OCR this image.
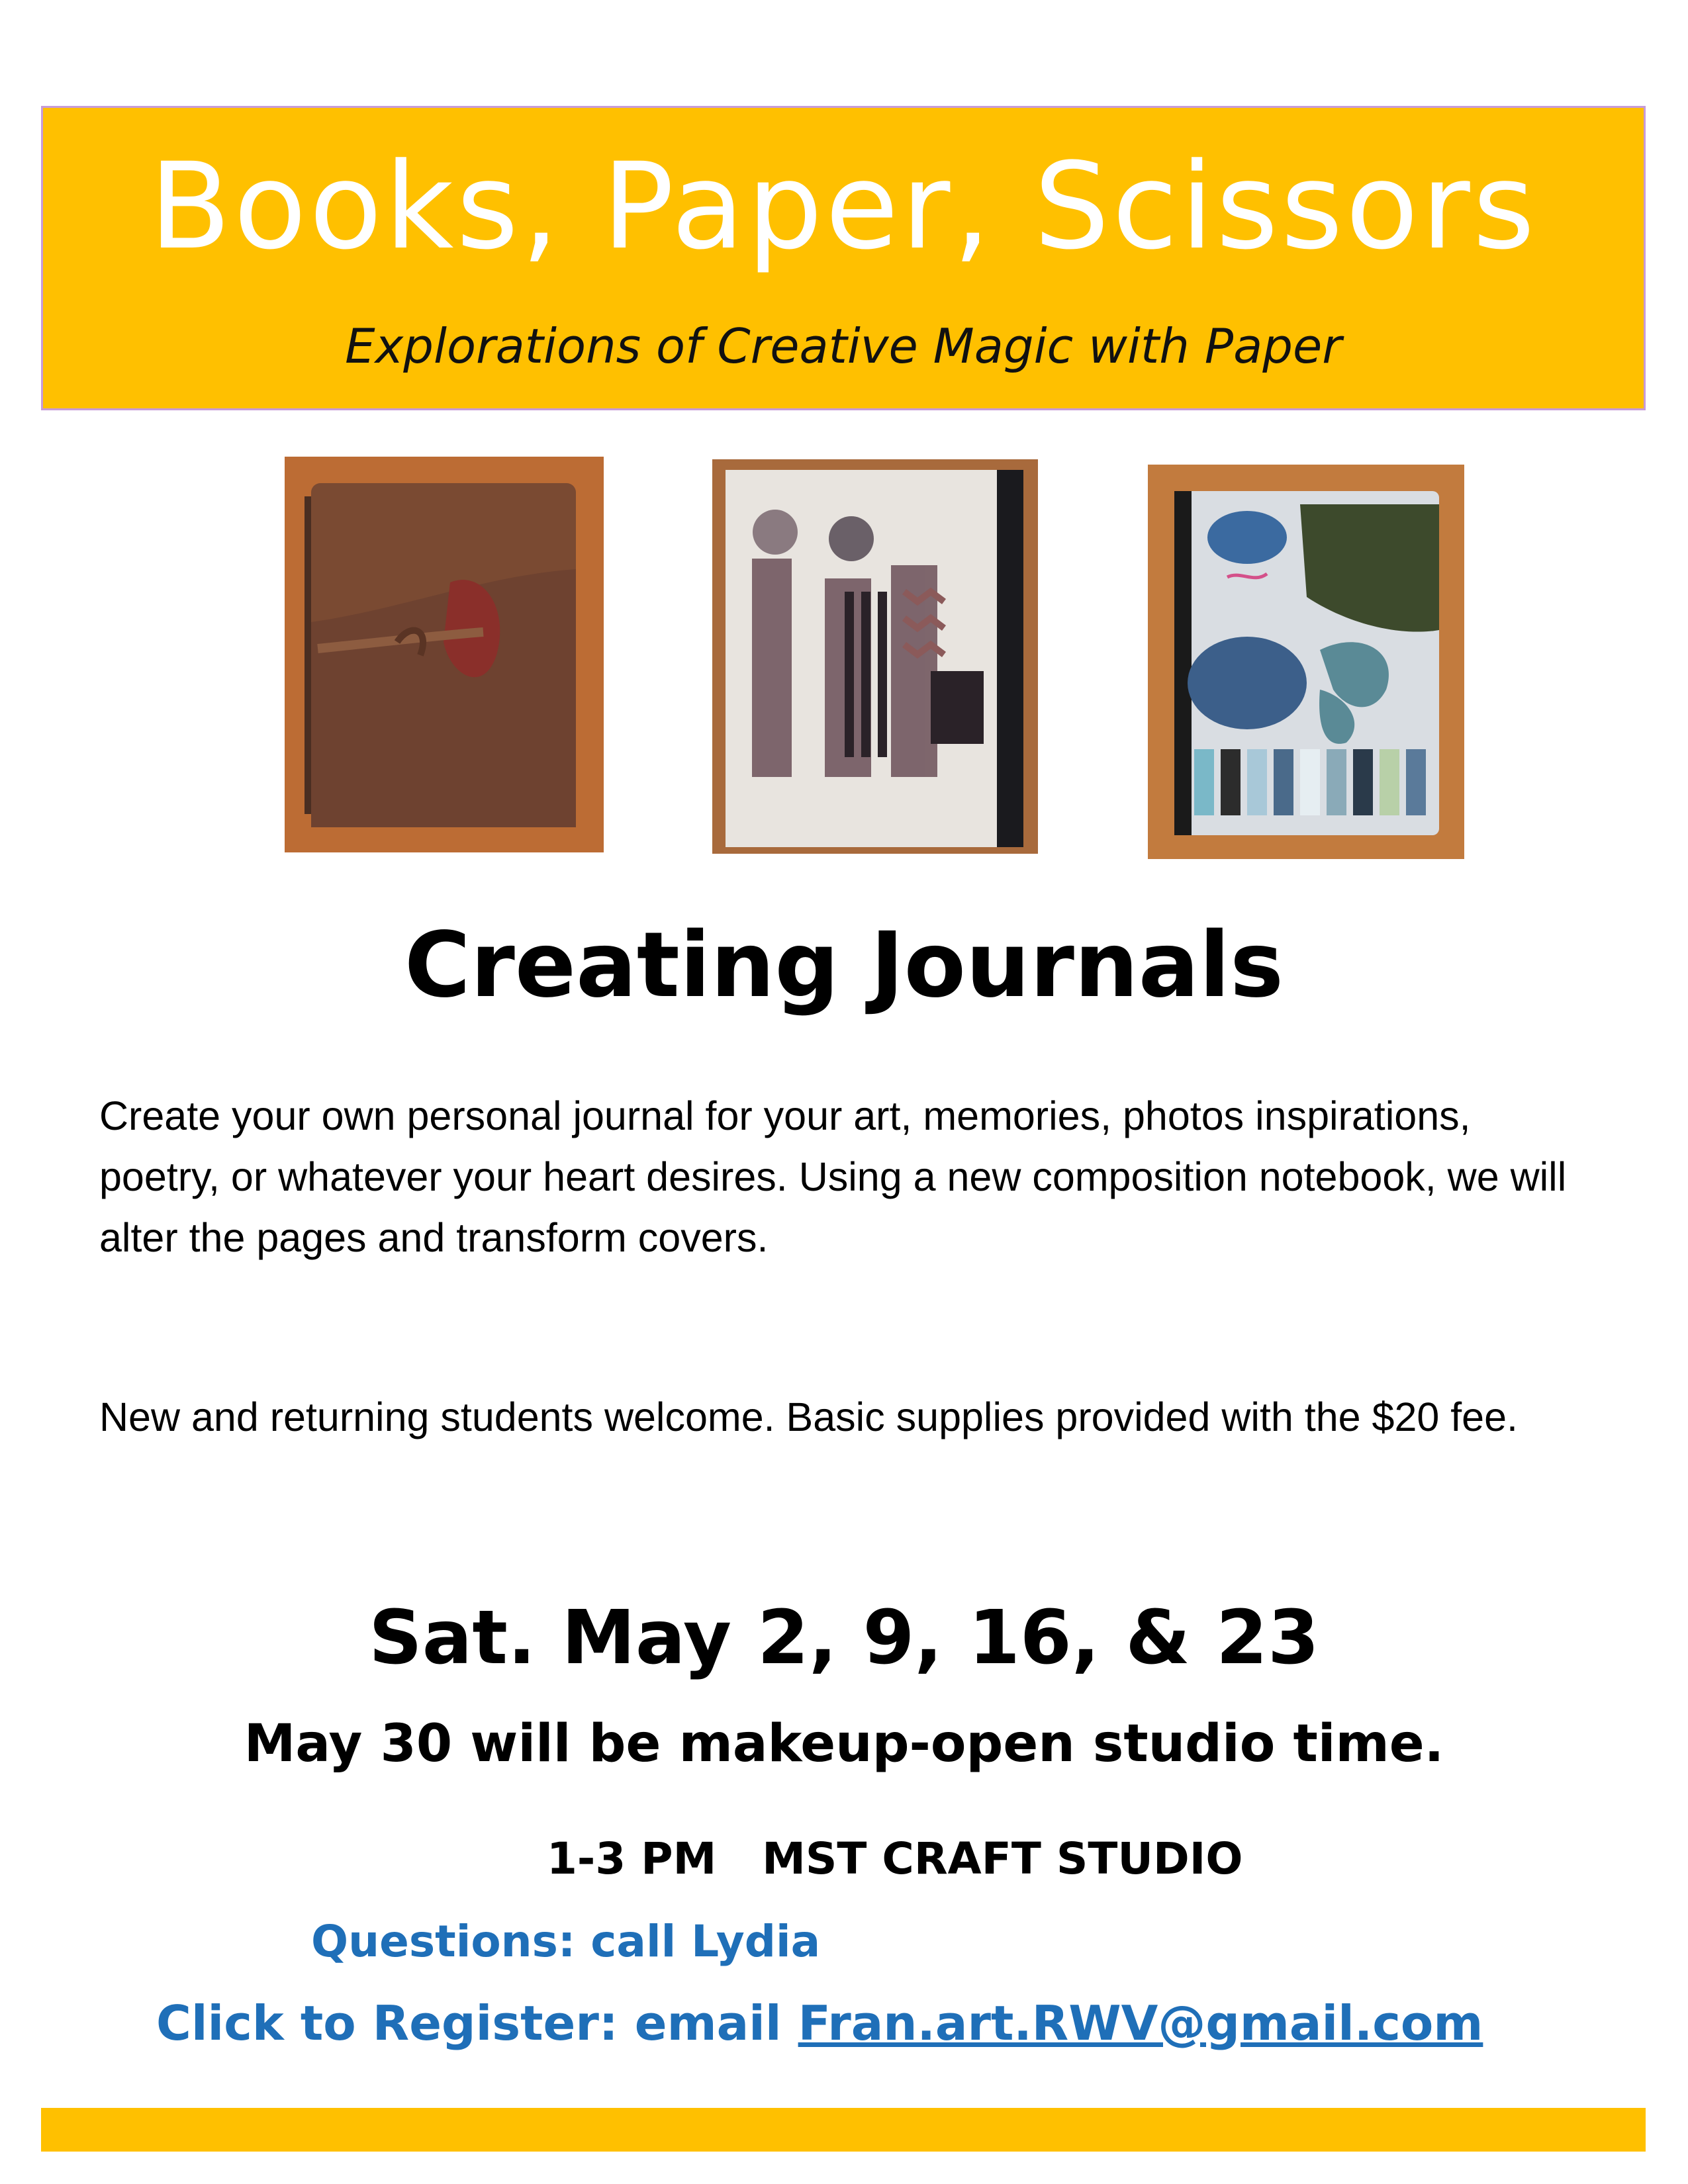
Books, Paper, Scissors
Explorations of Creative Magic with Paper
Creating Journals
Create your own personal journal for your art, memories, photos inspirations, poetry, or whatever your heart desires. Using a new composition notebook, we will alter the pages and transform covers.
New and returning students welcome. Basic supplies provided with the $20 fee.
Sat. May 2, 9, 16, & 23
May 30 will be makeup-open studio time.
1-3 PM   MST CRAFT STUDIO
Questions: call Lydia
Click to Register: email Fran.art.RWV@gmail.com
